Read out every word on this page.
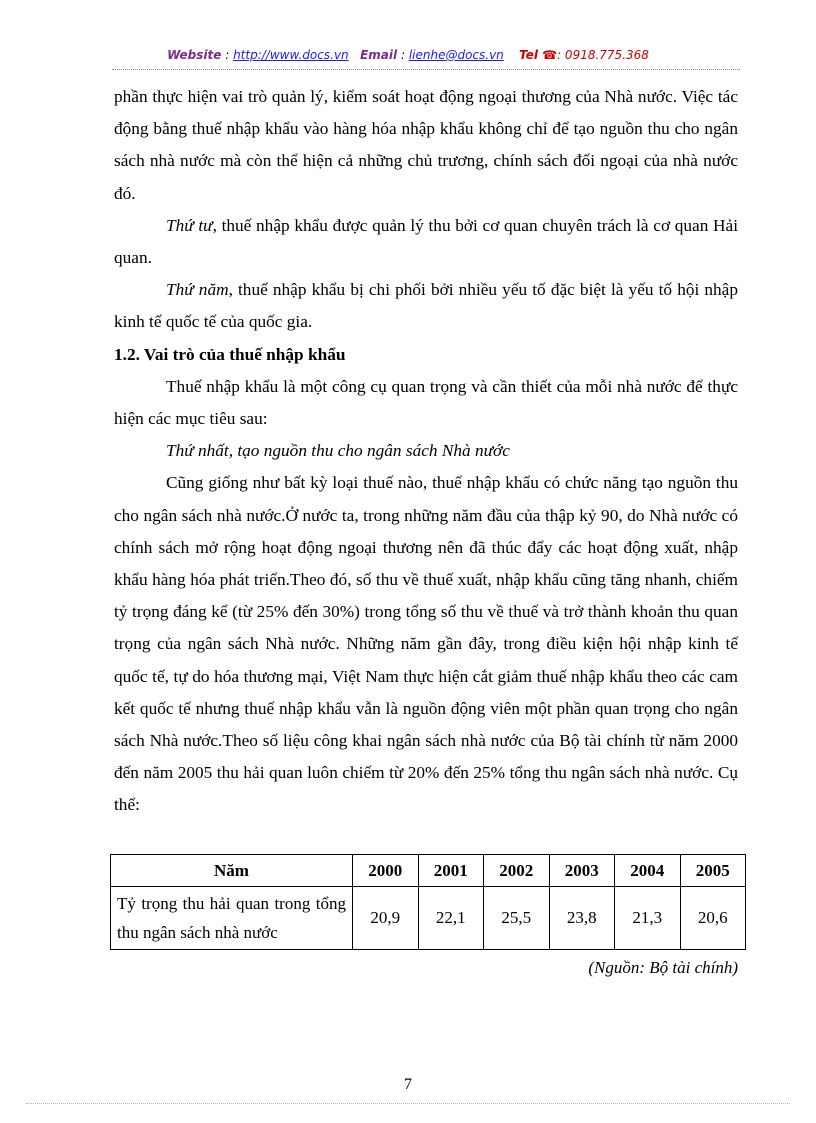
Website : http://www.docs.vn Email : lienhe@docs.vn Tel ☎: 0918.775.368

phần thực hiện vai trò quản lý, kiểm soát hoạt động ngoại thương của Nhà nước. Việc tác động bằng thuế nhập khẩu vào hàng hóa nhập khẩu không chỉ để tạo nguồn thu cho ngân sách nhà nước mà còn thể hiện cả những chủ trương, chính sách đối ngoại của nhà nước đó.

Thứ tư, thuế nhập khẩu được quản lý thu bởi cơ quan chuyên trách là cơ quan Hải quan.

Thứ năm, thuế nhập khẩu bị chi phối bởi nhiều yếu tố đặc biệt là yếu tố hội nhập kinh tế quốc tế của quốc gia.

1.2. Vai trò của thuế nhập khẩu

Thuế nhập khẩu là một công cụ quan trọng và cần thiết của mỗi nhà nước để thực hiện các mục tiêu sau:

Thứ nhất, tạo nguồn thu cho ngân sách Nhà nước

Cũng giống như bất kỳ loại thuế nào, thuế nhập khẩu có chức năng tạo nguồn thu cho ngân sách nhà nước.Ở nước ta, trong những năm đầu của thập kỷ 90, do Nhà nước có chính sách mở rộng hoạt động ngoại thương nên đã thúc đẩy các hoạt động xuất, nhập khẩu hàng hóa phát triển.Theo đó, số thu về thuế xuất, nhập khẩu cũng tăng nhanh, chiếm tỷ trọng đáng kể (từ 25% đến 30%) trong tổng số thu về thuế và trở thành khoản thu quan trọng của ngân sách Nhà nước. Những năm gần đây, trong điều kiện hội nhập kinh tế quốc tế, tự do hóa thương mại, Việt Nam thực hiện cắt giảm thuế nhập khẩu theo các cam kết quốc tế nhưng thuế nhập khẩu vẫn là nguồn động viên một phần quan trọng cho ngân sách Nhà nước.Theo số liệu công khai ngân sách nhà nước của Bộ tài chính từ năm 2000 đến năm 2005 thu hải quan luôn chiếm từ 20% đến 25% tổng thu ngân sách nhà nước. Cụ thể:

Năm	2000	2001	2002	2003	2004	2005
Tỷ trọng thu hải quan trong tổng thu ngân sách nhà nước	20,9	22,1	25,5	23,8	21,3	20,6
(Nguồn: Bộ tài chính)
7
